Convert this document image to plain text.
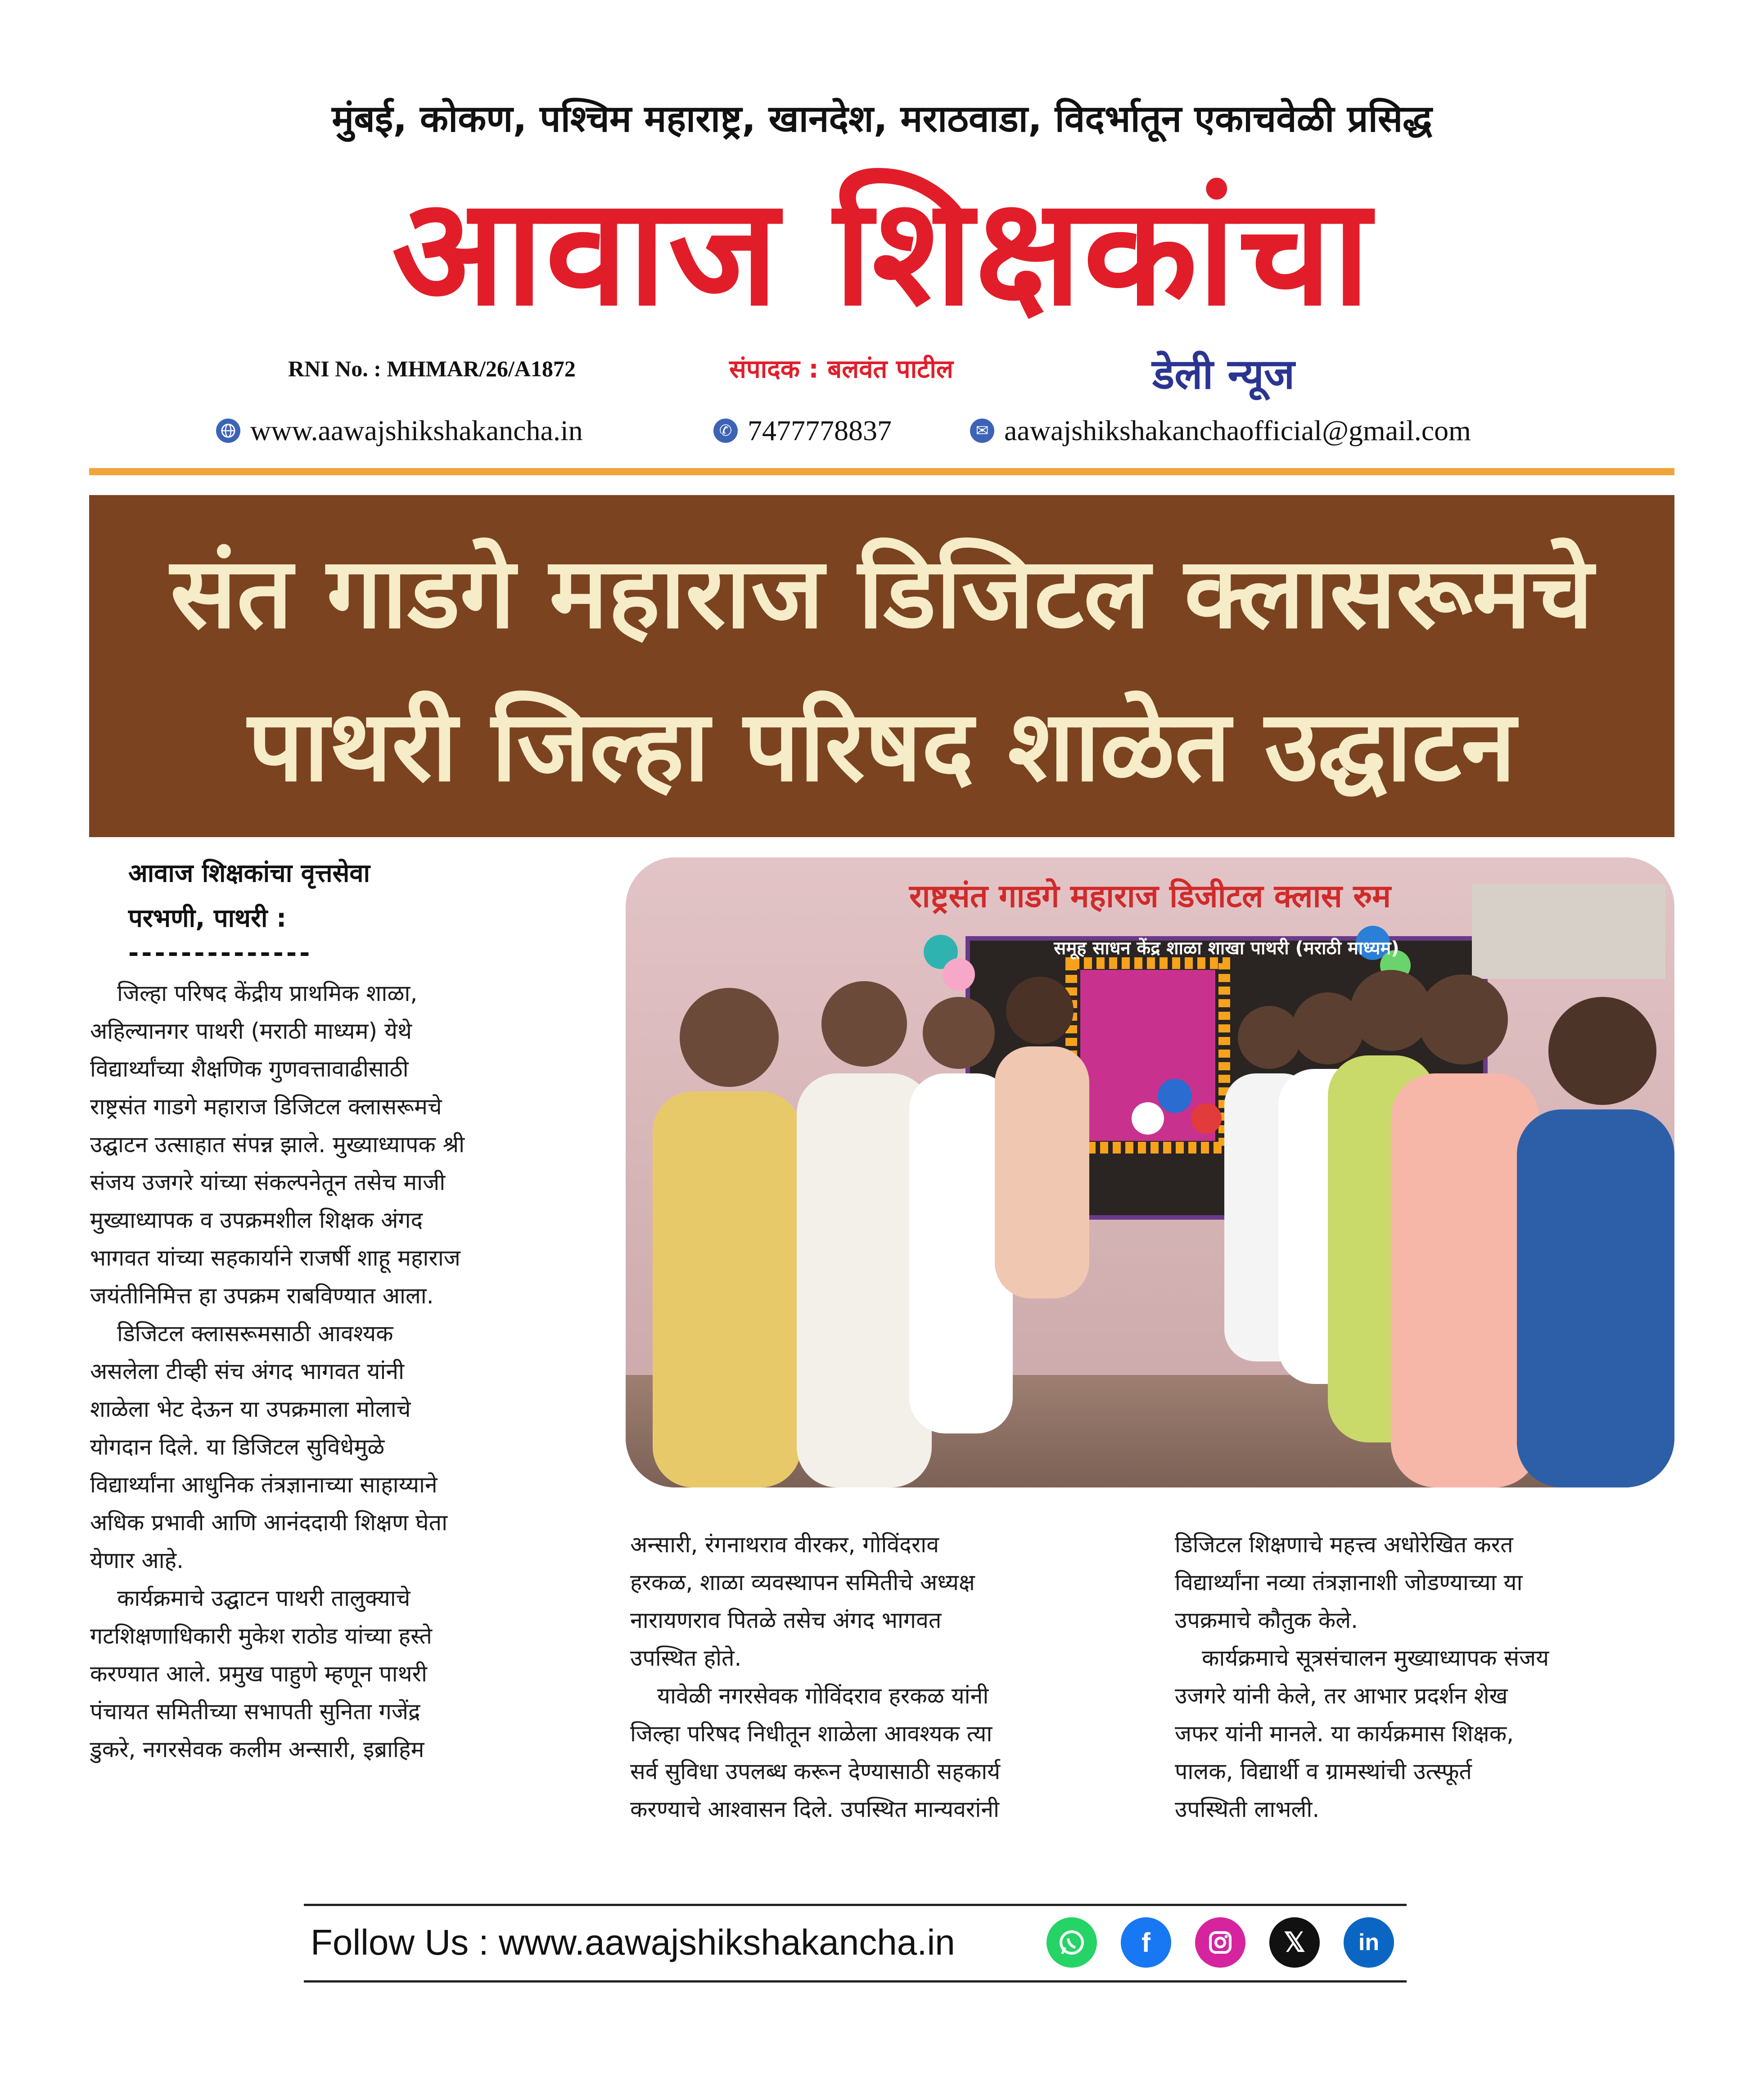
मुंबई, कोकण, पश्चिम महाराष्ट्र, खानदेश, मराठवाडा, विदर्भातून एकाचवेळी प्रसिद्ध
आवाज शिक्षकांचा
RNI No. : MHMAR/26/A1872	संपादक : बलवंत पाटील	डेली न्यूज
www.aawajshikshakancha.in	✆ 7477778837	✉ aawajshikshakanchaofficial@gmail.com
संत गाडगे महाराज डिजिटल क्लासरूमचे
पाथरी जिल्हा परिषद शाळेत उद्घाटन
आवाज शिक्षकांचा वृत्तसेवा
परभणी, पाथरी :
--------------

जिल्हा परिषद केंद्रीय प्राथमिक शाळा,

अहिल्यानगर पाथरी (मराठी माध्यम) येथे

विद्यार्थ्यांच्या शैक्षणिक गुणवत्तावाढीसाठी

राष्ट्रसंत गाडगे महाराज डिजिटल क्लासरूमचे

उद्घाटन उत्साहात संपन्न झाले. मुख्याध्यापक श्री

संजय उजगरे यांच्या संकल्पनेतून तसेच माजी

मुख्याध्यापक व उपक्रमशील शिक्षक अंगद

भागवत यांच्या सहकार्याने राजर्षी शाहू महाराज

जयंतीनिमित्त हा उपक्रम राबविण्यात आला.

डिजिटल क्लासरूमसाठी आवश्यक

असलेला टीव्ही संच अंगद भागवत यांनी

शाळेला भेट देऊन या उपक्रमाला मोलाचे

योगदान दिले. या डिजिटल सुविधेमुळे

विद्यार्थ्यांना आधुनिक तंत्रज्ञानाच्या साहाय्याने

अधिक प्रभावी आणि आनंददायी शिक्षण घेता

येणार आहे.

कार्यक्रमाचे उद्घाटन पाथरी तालुक्याचे

गटशिक्षणाधिकारी मुकेश राठोड यांच्या हस्ते

करण्यात आले. प्रमुख पाहुणे म्हणून पाथरी

पंचायत समितीच्या सभापती सुनिता गजेंद्र

डुकरे, नगरसेवक कलीम अन्सारी, इब्राहिम

राष्ट्रसंत गाडगे महाराज डिजीटल क्लास रुम
समूह साधन केंद्र शाळा शाखा पाथरी (मराठी माध्यम)

अन्सारी, रंगनाथराव वीरकर, गोविंदराव

हरकळ, शाळा व्यवस्थापन समितीचे अध्यक्ष

नारायणराव पितळे तसेच अंगद भागवत

उपस्थित होते.

यावेळी नगरसेवक गोविंदराव हरकळ यांनी

जिल्हा परिषद निधीतून शाळेला आवश्यक त्या

सर्व सुविधा उपलब्ध करून देण्यासाठी सहकार्य

करण्याचे आश्वासन दिले. उपस्थित मान्यवरांनी

डिजिटल शिक्षणाचे महत्त्व अधोरेखित करत

विद्यार्थ्यांना नव्या तंत्रज्ञानाशी जोडण्याच्या या

उपक्रमाचे कौतुक केले.

कार्यक्रमाचे सूत्रसंचालन मुख्याध्यापक संजय

उजगरे यांनी केले, तर आभार प्रदर्शन शेख

जफर यांनी मानले. या कार्यक्रमास शिक्षक,

पालक, विद्यार्थी व ग्रामस्थांची उत्स्फूर्त

उपस्थिती लाभली.

Follow Us : www.aawajshikshakancha.in	f	𝕏	in
